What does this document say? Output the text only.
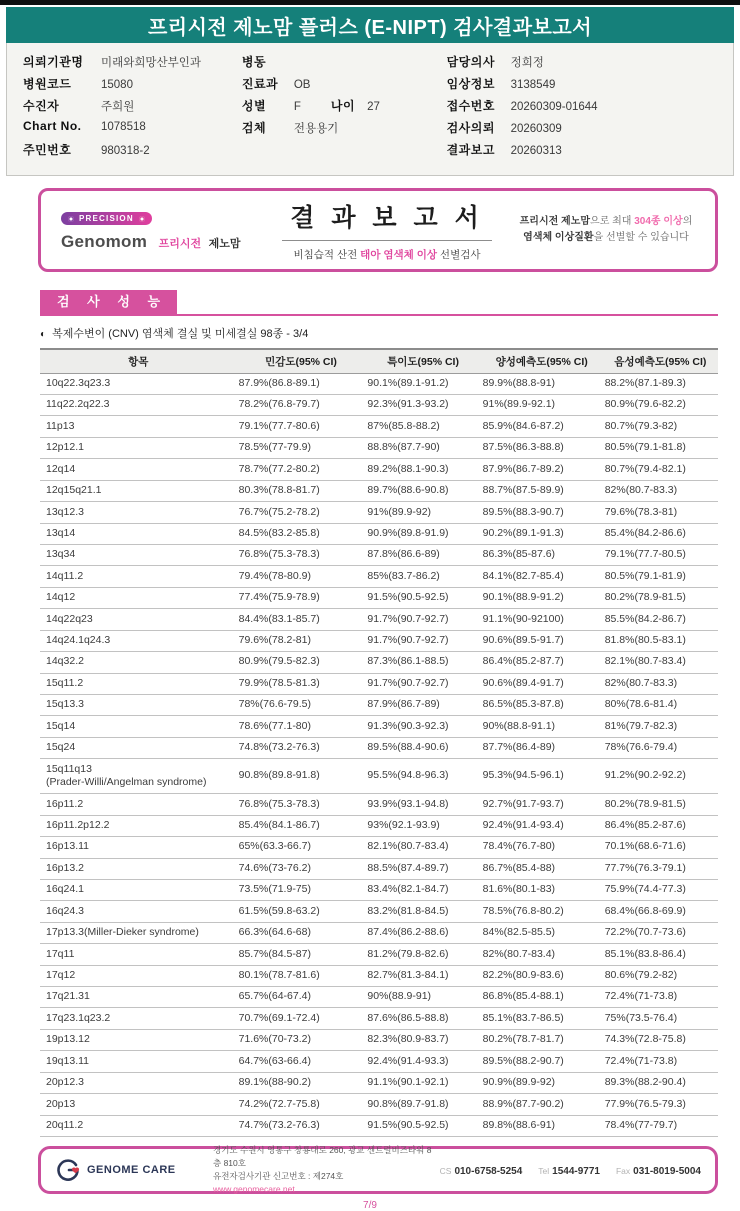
프리시전 제노맘 플러스 (E-NIPT) 검사결과보고서
의뢰기관명	미래와희망산부인과
병원코드	15080
수진자	주희원
Chart No.	1078518
주민번호	980318-2
병동
진료과	OB
성별	F	나이 27
검체	전용용기
담당의사	정희정
임상정보	3138549
접수번호	20260309-01644
검사의뢰	20260309
결과보고	20260313
PRECISION
Genomom 프리시전 제노맘
결 과 보 고 서
비침습적 산전 태아 염색체 이상 선별검사
프리시전 제노맘으로 최대 304종 이상의
염색체 이상질환을 선별할 수 있습니다
검 사 성 능
◐ 복제수변이 (CNV) 염색체 결실 및 미세결실 98종 - 3/4
항목	민감도(95% CI)	특이도(95% CI)	양성예측도(95% CI)	음성예측도(95% CI)
10q22.3q23.3	87.9%(86.8-89.1)	90.1%(89.1-91.2)	89.9%(88.8-91)	88.2%(87.1-89.3)
11q22.2q22.3	78.2%(76.8-79.7)	92.3%(91.3-93.2)	91%(89.9-92.1)	80.9%(79.6-82.2)
11p13	79.1%(77.7-80.6)	87%(85.8-88.2)	85.9%(84.6-87.2)	80.7%(79.3-82)
12p12.1	78.5%(77-79.9)	88.8%(87.7-90)	87.5%(86.3-88.8)	80.5%(79.1-81.8)
12q14	78.7%(77.2-80.2)	89.2%(88.1-90.3)	87.9%(86.7-89.2)	80.7%(79.4-82.1)
12q15q21.1	80.3%(78.8-81.7)	89.7%(88.6-90.8)	88.7%(87.5-89.9)	82%(80.7-83.3)
13q12.3	76.7%(75.2-78.2)	91%(89.9-92)	89.5%(88.3-90.7)	79.6%(78.3-81)
13q14	84.5%(83.2-85.8)	90.9%(89.8-91.9)	90.2%(89.1-91.3)	85.4%(84.2-86.6)
13q34	76.8%(75.3-78.3)	87.8%(86.6-89)	86.3%(85-87.6)	79.1%(77.7-80.5)
14q11.2	79.4%(78-80.9)	85%(83.7-86.2)	84.1%(82.7-85.4)	80.5%(79.1-81.9)
14q12	77.4%(75.9-78.9)	91.5%(90.5-92.5)	90.1%(88.9-91.2)	80.2%(78.9-81.5)
14q22q23	84.4%(83.1-85.7)	91.7%(90.7-92.7)	91.1%(90-92100)	85.5%(84.2-86.7)
14q24.1q24.3	79.6%(78.2-81)	91.7%(90.7-92.7)	90.6%(89.5-91.7)	81.8%(80.5-83.1)
14q32.2	80.9%(79.5-82.3)	87.3%(86.1-88.5)	86.4%(85.2-87.7)	82.1%(80.7-83.4)
15q11.2	79.9%(78.5-81.3)	91.7%(90.7-92.7)	90.6%(89.4-91.7)	82%(80.7-83.3)
15q13.3	78%(76.6-79.5)	87.9%(86.7-89)	86.5%(85.3-87.8)	80%(78.6-81.4)
15q14	78.6%(77.1-80)	91.3%(90.3-92.3)	90%(88.8-91.1)	81%(79.7-82.3)
15q24	74.8%(73.2-76.3)	89.5%(88.4-90.6)	87.7%(86.4-89)	78%(76.6-79.4)
15q11q13
(Prader-Willi/Angelman syndrome)	90.8%(89.8-91.8)	95.5%(94.8-96.3)	95.3%(94.5-96.1)	91.2%(90.2-92.2)
16p11.2	76.8%(75.3-78.3)	93.9%(93.1-94.8)	92.7%(91.7-93.7)	80.2%(78.9-81.5)
16p11.2p12.2	85.4%(84.1-86.7)	93%(92.1-93.9)	92.4%(91.4-93.4)	86.4%(85.2-87.6)
16p13.11	65%(63.3-66.7)	82.1%(80.7-83.4)	78.4%(76.7-80)	70.1%(68.6-71.6)
16p13.2	74.6%(73-76.2)	88.5%(87.4-89.7)	86.7%(85.4-88)	77.7%(76.3-79.1)
16q24.1	73.5%(71.9-75)	83.4%(82.1-84.7)	81.6%(80.1-83)	75.9%(74.4-77.3)
16q24.3	61.5%(59.8-63.2)	83.2%(81.8-84.5)	78.5%(76.8-80.2)	68.4%(66.8-69.9)
17p13.3(Miller-Dieker syndrome)	66.3%(64.6-68)	87.4%(86.2-88.6)	84%(82.5-85.5)	72.2%(70.7-73.6)
17q11	85.7%(84.5-87)	81.2%(79.8-82.6)	82%(80.7-83.4)	85.1%(83.8-86.4)
17q12	80.1%(78.7-81.6)	82.7%(81.3-84.1)	82.2%(80.9-83.6)	80.6%(79.2-82)
17q21.31	65.7%(64-67.4)	90%(88.9-91)	86.8%(85.4-88.1)	72.4%(71-73.8)
17q23.1q23.2	70.7%(69.1-72.4)	87.6%(86.5-88.8)	85.1%(83.7-86.5)	75%(73.5-76.4)
19p13.12	71.6%(70-73.2)	82.3%(80.9-83.7)	80.2%(78.7-81.7)	74.3%(72.8-75.8)
19q13.11	64.7%(63-66.4)	92.4%(91.4-93.3)	89.5%(88.2-90.7)	72.4%(71-73.8)
20p12.3	89.1%(88-90.2)	91.1%(90.1-92.1)	90.9%(89.9-92)	89.3%(88.2-90.4)
20p13	74.2%(72.7-75.8)	90.8%(89.7-91.8)	88.9%(87.7-90.2)	77.9%(76.5-79.3)
20q11.2	74.7%(73.2-76.3)	91.5%(90.5-92.5)	89.8%(88.6-91)	78.4%(77-79.7)
GENOME CARE
경기도 수원시 영통구 창룡대로 260, 광교 센트럴비즈타워 8층 810호
유전자검사기관 신고번호 : 제274호
www.genomecare.net
CS 010-6758-5254 Tel 1544-9771 Fax 031-8019-5004
7/9
